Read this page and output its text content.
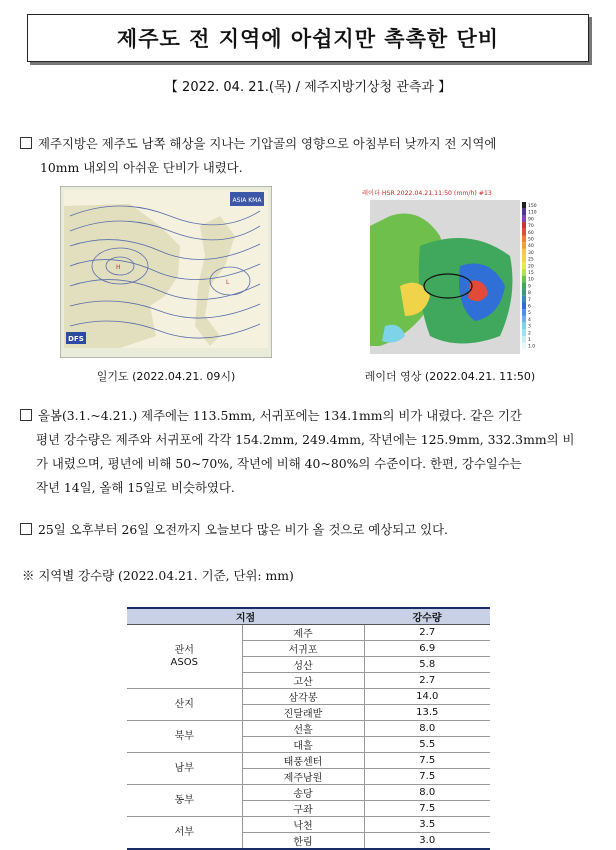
제주도 전 지역에 아쉽지만 촉촉한 단비
【 2022. 04. 21.(목) / 제주지방기상청 관측과 】
제주지방은 제주도 남쪽 해상을 지나는 기압골의 영향으로 아침부터 낮까지 전 지역에
10mm 내외의 아쉬운 단비가 내렸다.
H
L
ASIA KMA
DFS
일기도 (2022.04.21. 09시)
레이더 HSR 2022.04.21.11:50 (mm/h) #13
150
110
90
70
60
50
40
30
25
20
15
10
9
8
7
6
5
4
3
2
1
1.0
레이더 영상 (2022.04.21. 11:50)
올봄(3.1.~4.21.) 제주에는 113.5mm, 서귀포에는 134.1mm의 비가 내렸다. 같은 기간
평년 강수량은 제주와 서귀포에 각각 154.2mm, 249.4mm, 작년에는 125.9mm, 332.3mm의 비
가 내렸으며, 평년에 비해 50~70%, 작년에 비해 40~80%의 수준이다. 한편, 강수일수는
작년 14일, 올해 15일로 비슷하였다.
25일 오후부터 26일 오전까지 오늘보다 많은 비가 올 것으로 예상되고 있다.
※ 지역별 강수량 (2022.04.21. 기준, 단위: mm)
지점		강수량
관서
ASOS	제주	2.7
	서귀포	6.9
	성산	5.8
	고산	2.7
산지	삼각봉	14.0
	진달래밭	13.5
북부	선흘	8.0
	대흘	5.5
남부	태풍센터	7.5
	제주남원	7.5
동부	송당	8.0
	구좌	7.5
서부	낙천	3.5
	한림	3.0
